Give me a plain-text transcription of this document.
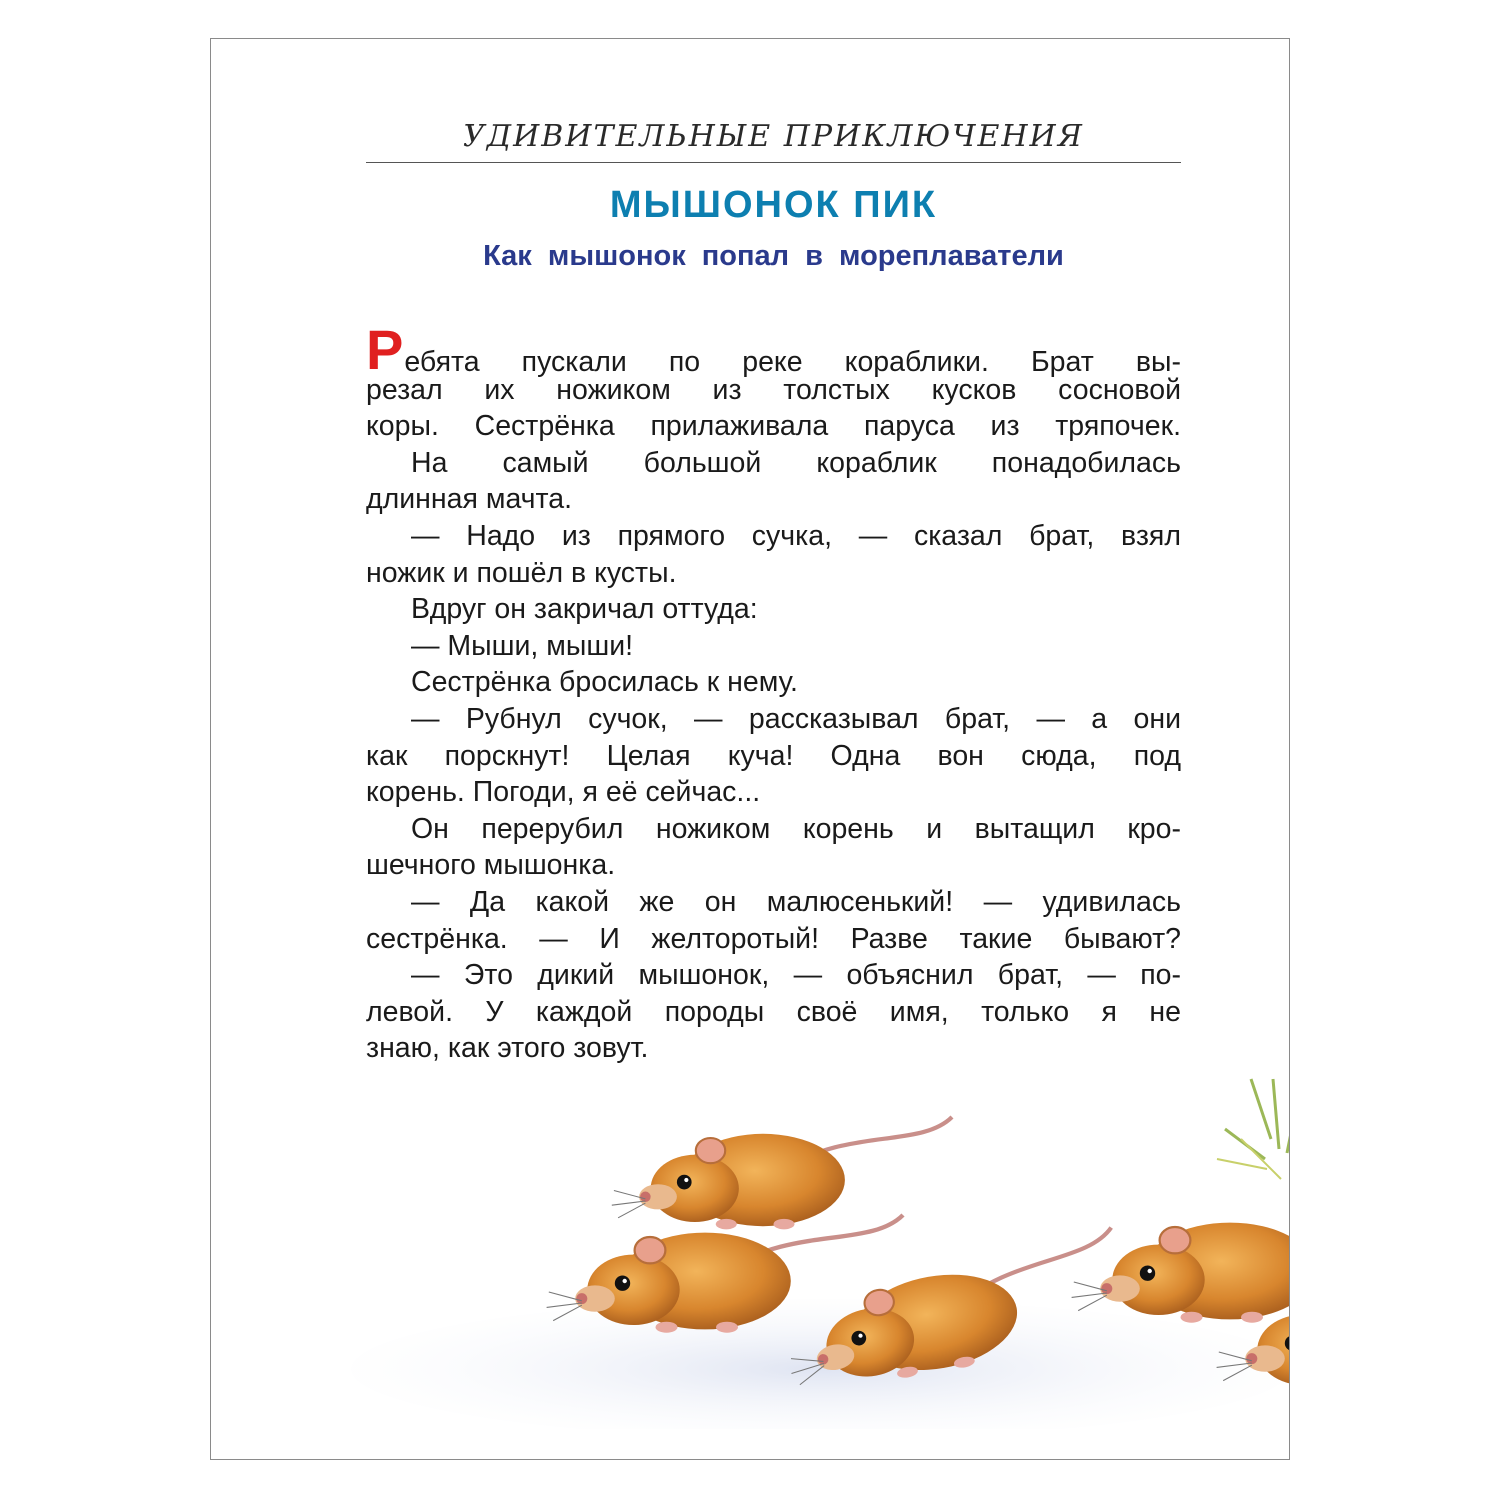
УДИВИТЕЛЬНЫЕ ПРИКЛЮЧЕНИЯ
МЫШОНОК ПИК
Как мышонок попал в мореплаватели
Ребята пускали по реке кораблики. Брат вы-
резал их ножиком из толстых кусков сосновой
коры. Сестрёнка прилаживала паруса из тряпочек.
На самый большой кораблик понадобилась
длинная мачта.
— Надо из прямого сучка, — сказал брат, взял
ножик и пошёл в кусты.
Вдруг он закричал оттуда:
— Мыши, мыши!
Сестрёнка бросилась к нему.
— Рубнул сучок, — рассказывал брат, — а они
как порскнут! Целая куча! Одна вон сюда, под
корень. Погоди, я её сейчас...
Он перерубил ножиком корень и вытащил кро-
шечного мышонка.
— Да какой же он малюсенький! — удивилась
сестрёнка. — И желторотый! Разве такие бывают?
— Это дикий мышонок, — объяснил брат, — по-
левой. У каждой породы своё имя, только я не
знаю, как этого зовут.
